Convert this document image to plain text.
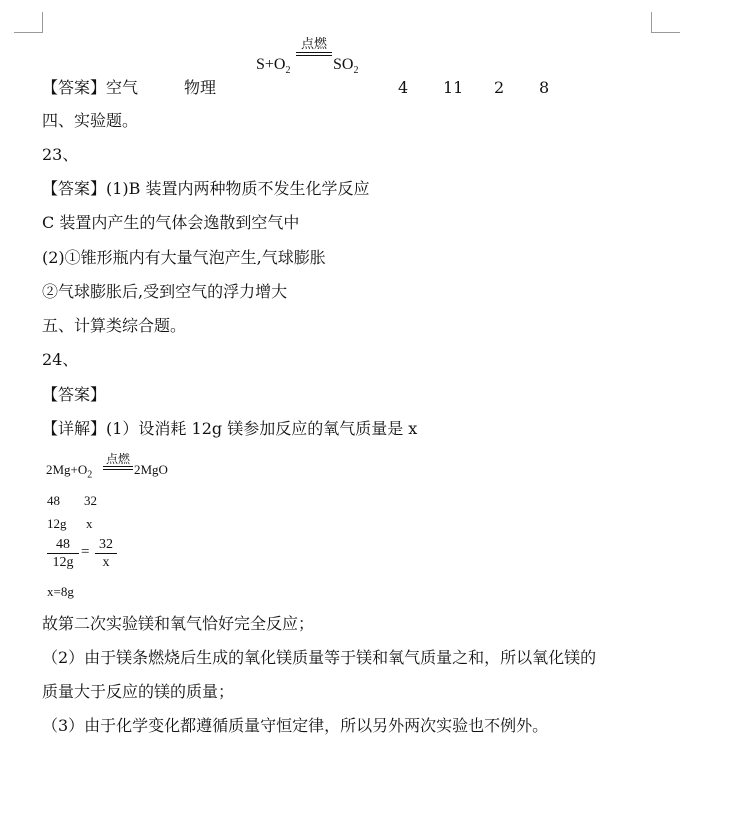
$S+O_2$
点燃
$SO_2$
【答案】空气	物理	4 11 2 8
四、实验题。
23、
【答案】(1)B 装置内两种物质不发生化学反应
C 装置内产生的气体会逸散到空气中
(2)①锥形瓶内有大量气泡产生,气球膨胀
②气球膨胀后,受到空气的浮力增大
五、计算类综合题。
24、
【答案】
【详解】(1）设消耗 12g 镁参加反应的氧气质量是 x
$2Mg+O_2$
点燃
2MgO
48 32
12g x
$\frac{48}{12g} = \frac{32}{x}$
x=8g
故第二次实验镁和氧气恰好完全反应；
（2）由于镁条燃烧后生成的氧化镁质量等于镁和氧气质量之和，所以氧化镁的
质量大于反应的镁的质量；
（3）由于化学变化都遵循质量守恒定律，所以另外两次实验也不例外。
